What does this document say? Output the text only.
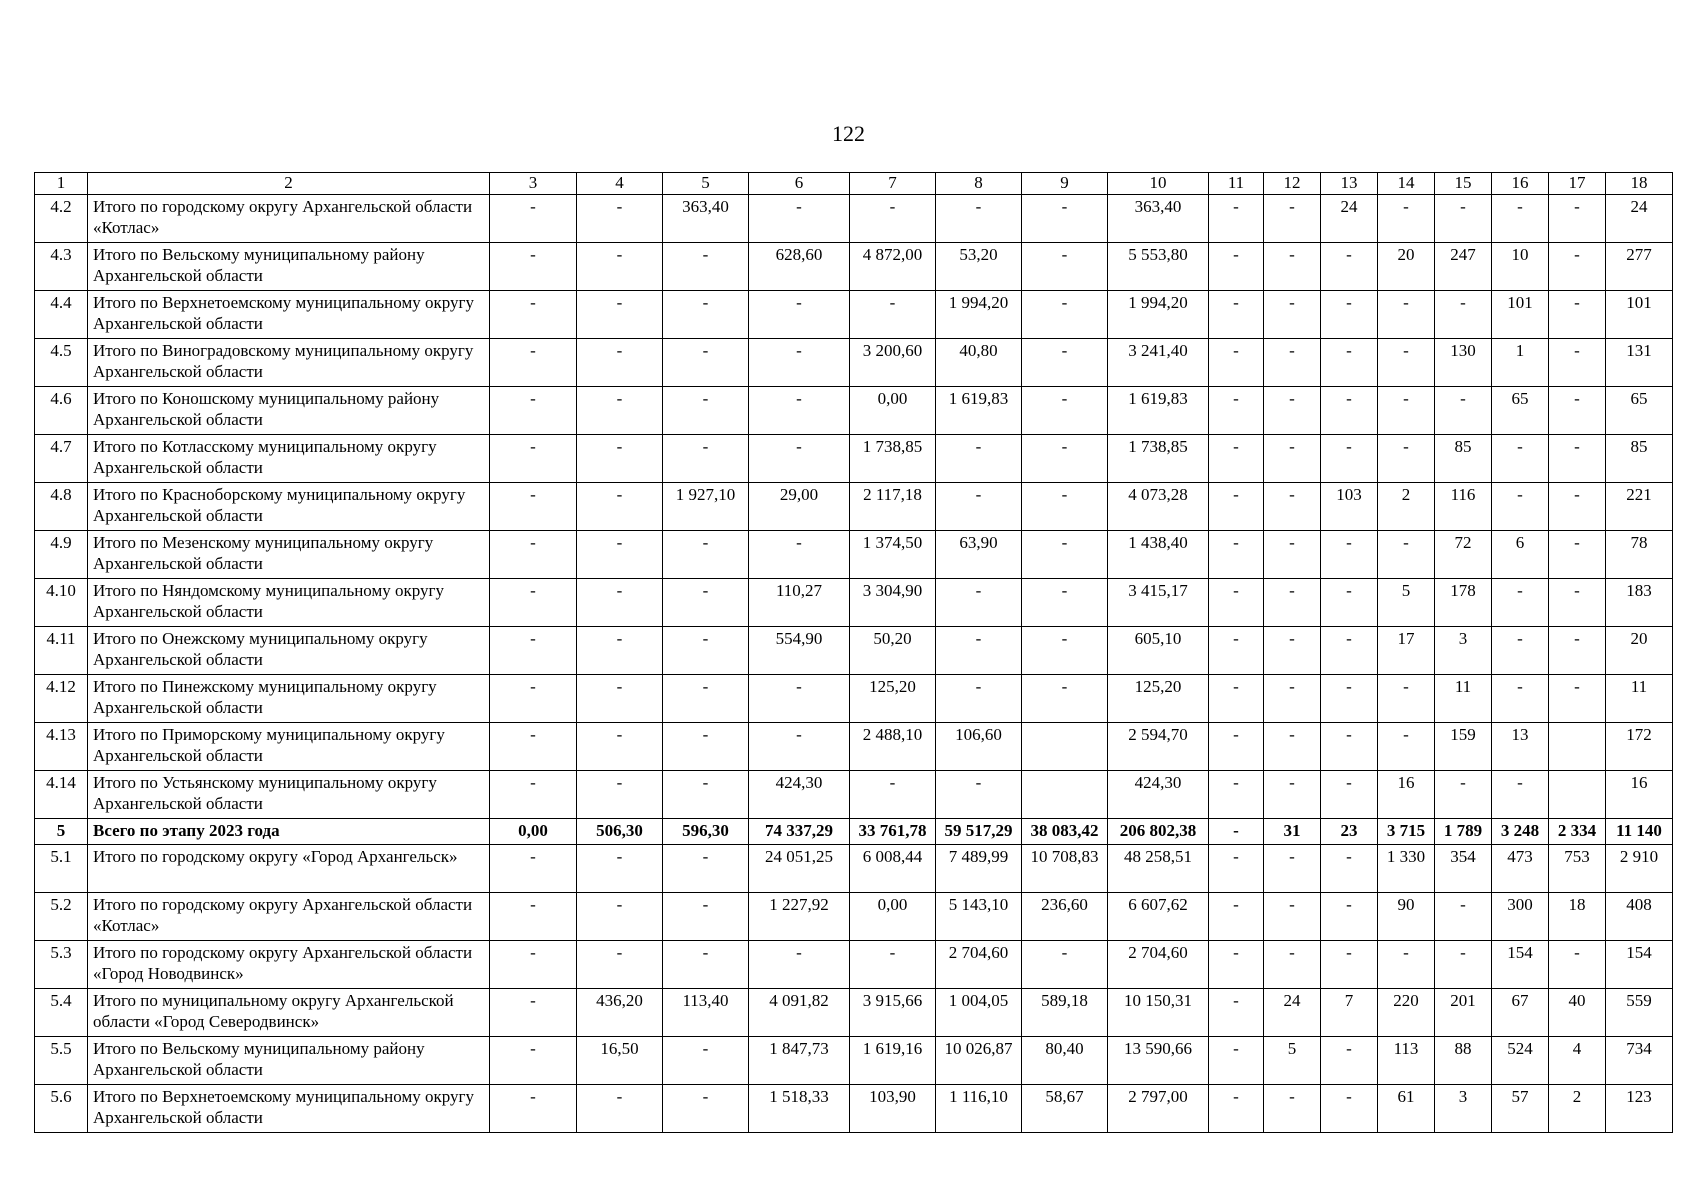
122
1	2	3	4	5	6	7	8	9	10	11	12	13	14	15	16	17	18
4.2	Итого по городскому округу Архангельской области «Котлас»	-	-	363,40	-	-	-	-	363,40	-	-	24	-	-	-	-	24
4.3	Итого по Вельскому муниципальному району Архангельской области	-	-	-	628,60	4 872,00	53,20	-	5 553,80	-	-	-	20	247	10	-	277
4.4	Итого по Верхнетоемскому муниципальному округу Архангельской области	-	-	-	-	-	1 994,20	-	1 994,20	-	-	-	-	-	101	-	101
4.5	Итого по Виноградовскому муниципальному округу Архангельской области	-	-	-	-	3 200,60	40,80	-	3 241,40	-	-	-	-	130	1	-	131
4.6	Итого по Коношскому муниципальному району Архангельской области	-	-	-	-	0,00	1 619,83	-	1 619,83	-	-	-	-	-	65	-	65
4.7	Итого по Котласскому муниципальному округу Архангельской области	-	-	-	-	1 738,85	-	-	1 738,85	-	-	-	-	85	-	-	85
4.8	Итого по Красноборскому муниципальному округу Архангельской области	-	-	1 927,10	29,00	2 117,18	-	-	4 073,28	-	-	103	2	116	-	-	221
4.9	Итого по Мезенскому муниципальному округу Архангельской области	-	-	-	-	1 374,50	63,90	-	1 438,40	-	-	-	-	72	6	-	78
4.10	Итого по Няндомскому муниципальному округу Архангельской области	-	-	-	110,27	3 304,90	-	-	3 415,17	-	-	-	5	178	-	-	183
4.11	Итого по Онежскому муниципальному округу Архангельской области	-	-	-	554,90	50,20	-	-	605,10	-	-	-	17	3	-	-	20
4.12	Итого по Пинежскому муниципальному округу Архангельской области	-	-	-	-	125,20	-	-	125,20	-	-	-	-	11	-	-	11
4.13	Итого по Приморскому муниципальному округу Архангельской области	-	-	-	-	2 488,10	106,60		2 594,70	-	-	-	-	159	13		172
4.14	Итого по Устьянскому муниципальному округу Архангельской области	-	-	-	424,30	-	-		424,30	-	-	-	16	-	-		16
5	Всего по этапу 2023 года	0,00	506,30	596,30	74 337,29	33 761,78	59 517,29	38 083,42	206 802,38	-	31	23	3 715	1 789	3 248	2 334	11 140
5.1	Итого по городскому округу «Город Архангельск»	-	-	-	24 051,25	6 008,44	7 489,99	10 708,83	48 258,51	-	-	-	1 330	354	473	753	2 910
5.2	Итого по городскому округу Архангельской области «Котлас»	-	-	-	1 227,92	0,00	5 143,10	236,60	6 607,62	-	-	-	90	-	300	18	408
5.3	Итого по городскому округу Архангельской области «Город Новодвинск»	-	-	-	-	-	2 704,60	-	2 704,60	-	-	-	-	-	154	-	154
5.4	Итого по муниципальному округу Архангельской области «Город Северодвинск»	-	436,20	113,40	4 091,82	3 915,66	1 004,05	589,18	10 150,31	-	24	7	220	201	67	40	559
5.5	Итого по Вельскому муниципальному району Архангельской области	-	16,50	-	1 847,73	1 619,16	10 026,87	80,40	13 590,66	-	5	-	113	88	524	4	734
5.6	Итого по Верхнетоемскому муниципальному округу Архангельской области	-	-	-	1 518,33	103,90	1 116,10	58,67	2 797,00	-	-	-	61	3	57	2	123
